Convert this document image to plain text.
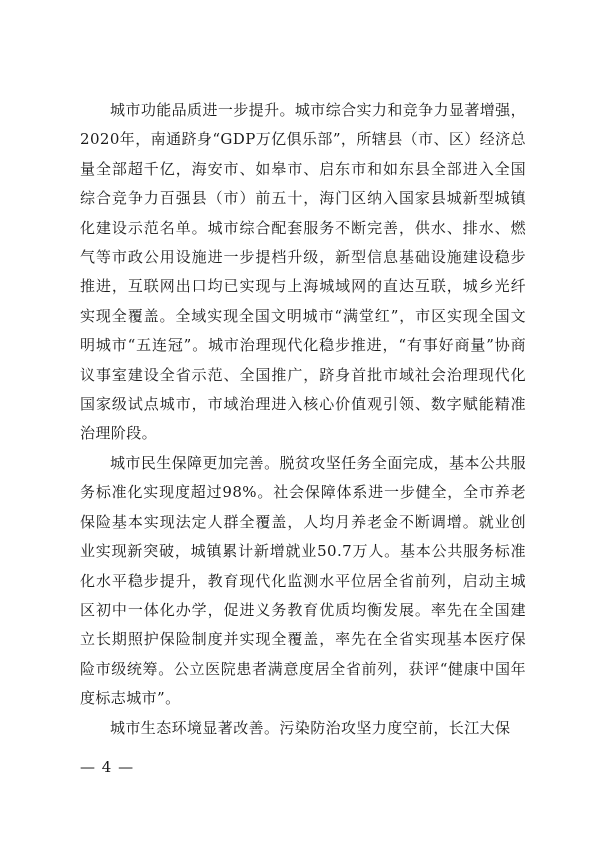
城市功能品质进一步提升。城市综合实力和竞争力显著增强，2020年，南通跻身“GDP万亿俱乐部”，所辖县（市、区）经济总量全部超千亿，海安市、如皋市、启东市和如东县全部进入全国综合竞争力百强县（市）前五十，海门区纳入国家县城新型城镇化建设示范名单。城市综合配套服务不断完善，供水、排水、燃气等市政公用设施进一步提档升级，新型信息基础设施建设稳步推进，互联网出口均已实现与上海城域网的直达互联，城乡光纤实现全覆盖。全域实现全国文明城市“满堂红”，市区实现全国文明城市“五连冠”。城市治理现代化稳步推进，“有事好商量”协商议事室建设全省示范、全国推广，跻身首批市域社会治理现代化国家级试点城市，市域治理进入核心价值观引领、数字赋能精准治理阶段。

城市民生保障更加完善。脱贫攻坚任务全面完成，基本公共服务标准化实现度超过98%。社会保障体系进一步健全，全市养老保险基本实现法定人群全覆盖，人均月养老金不断调增。就业创业实现新突破，城镇累计新增就业50.7万人。基本公共服务标准化水平稳步提升，教育现代化监测水平位居全省前列，启动主城区初中一体化办学，促进义务教育优质均衡发展。率先在全国建立长期照护保险制度并实现全覆盖，率先在全省实现基本医疗保险市级统筹。公立医院患者满意度居全省前列，获评“健康中国年度标志城市”。

城市生态环境显著改善。污染防治攻坚力度空前，长江大保

— 4 —
